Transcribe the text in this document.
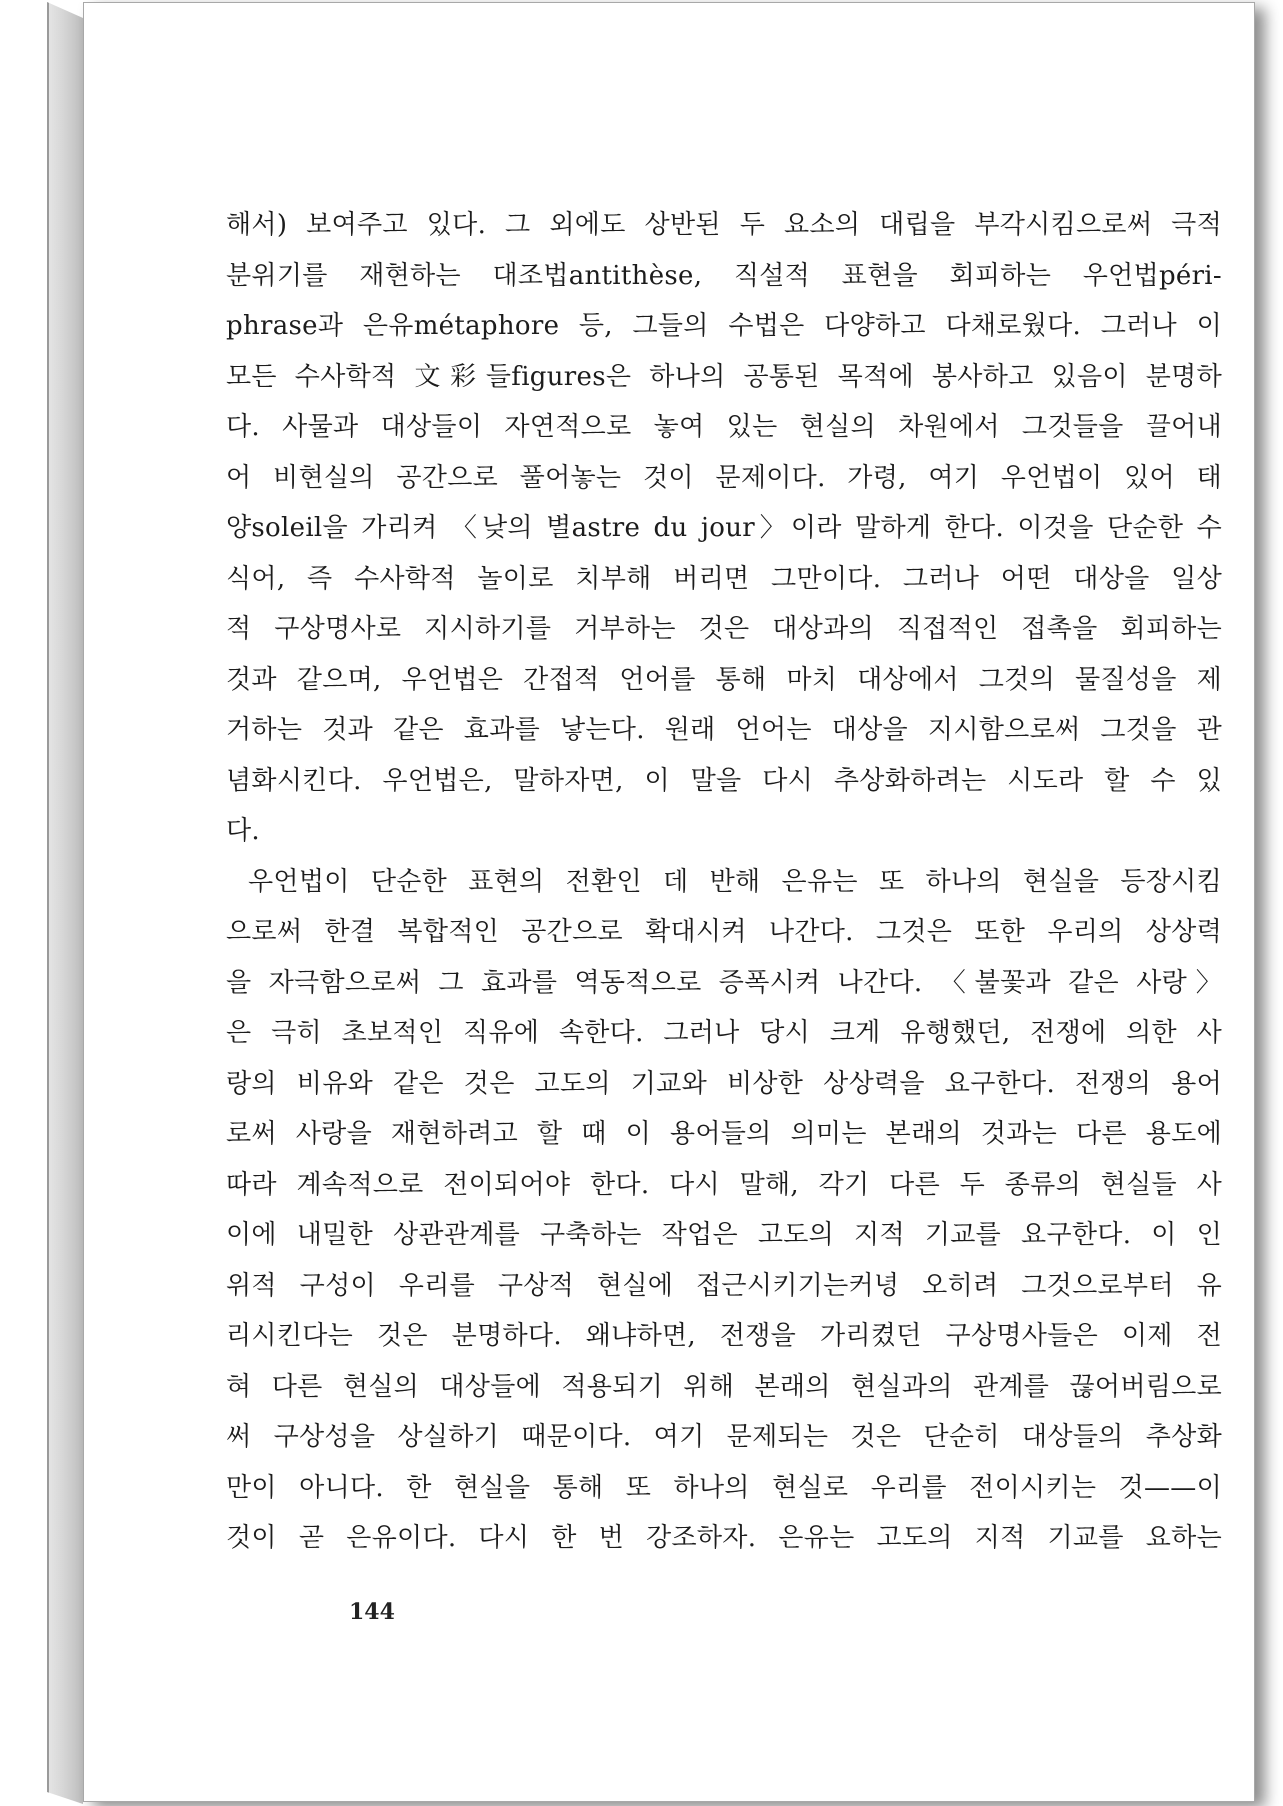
해서) 보여주고 있다. 그 외에도 상반된 두 요소의 대립을 부각시킴으로써 극적
분위기를 재현하는 대조법antithèse, 직설적 표현을 회피하는 우언법péri-
phrase과 은유métaphore 등, 그들의 수법은 다양하고 다채로웠다. 그러나 이
모든 수사학적 文彩들figures은 하나의 공통된 목적에 봉사하고 있음이 분명하
다. 사물과 대상들이 자연적으로 놓여 있는 현실의 차원에서 그것들을 끌어내
어 비현실의 공간으로 풀어놓는 것이 문제이다. 가령, 여기 우언법이 있어 태
양soleil을 가리켜 〈낮의 별astre du jour〉이라 말하게 한다. 이것을 단순한 수
식어, 즉 수사학적 놀이로 치부해 버리면 그만이다. 그러나 어떤 대상을 일상
적 구상명사로 지시하기를 거부하는 것은 대상과의 직접적인 접촉을 회피하는
것과 같으며, 우언법은 간접적 언어를 통해 마치 대상에서 그것의 물질성을 제
거하는 것과 같은 효과를 낳는다. 원래 언어는 대상을 지시함으로써 그것을 관
념화시킨다. 우언법은, 말하자면, 이 말을 다시 추상화하려는 시도라 할 수 있
다.
우언법이 단순한 표현의 전환인 데 반해 은유는 또 하나의 현실을 등장시킴
으로써 한결 복합적인 공간으로 확대시켜 나간다. 그것은 또한 우리의 상상력
을 자극함으로써 그 효과를 역동적으로 증폭시켜 나간다. 〈불꽃과 같은 사랑〉
은 극히 초보적인 직유에 속한다. 그러나 당시 크게 유행했던, 전쟁에 의한 사
랑의 비유와 같은 것은 고도의 기교와 비상한 상상력을 요구한다. 전쟁의 용어
로써 사랑을 재현하려고 할 때 이 용어들의 의미는 본래의 것과는 다른 용도에
따라 계속적으로 전이되어야 한다. 다시 말해, 각기 다른 두 종류의 현실들 사
이에 내밀한 상관관계를 구축하는 작업은 고도의 지적 기교를 요구한다. 이 인
위적 구성이 우리를 구상적 현실에 접근시키기는커녕 오히려 그것으로부터 유
리시킨다는 것은 분명하다. 왜냐하면, 전쟁을 가리켰던 구상명사들은 이제 전
혀 다른 현실의 대상들에 적용되기 위해 본래의 현실과의 관계를 끊어버림으로
써 구상성을 상실하기 때문이다. 여기 문제되는 것은 단순히 대상들의 추상화
만이 아니다. 한 현실을 통해 또 하나의 현실로 우리를 전이시키는 것——이
것이 곧 은유이다. 다시 한 번 강조하자. 은유는 고도의 지적 기교를 요하는
144
